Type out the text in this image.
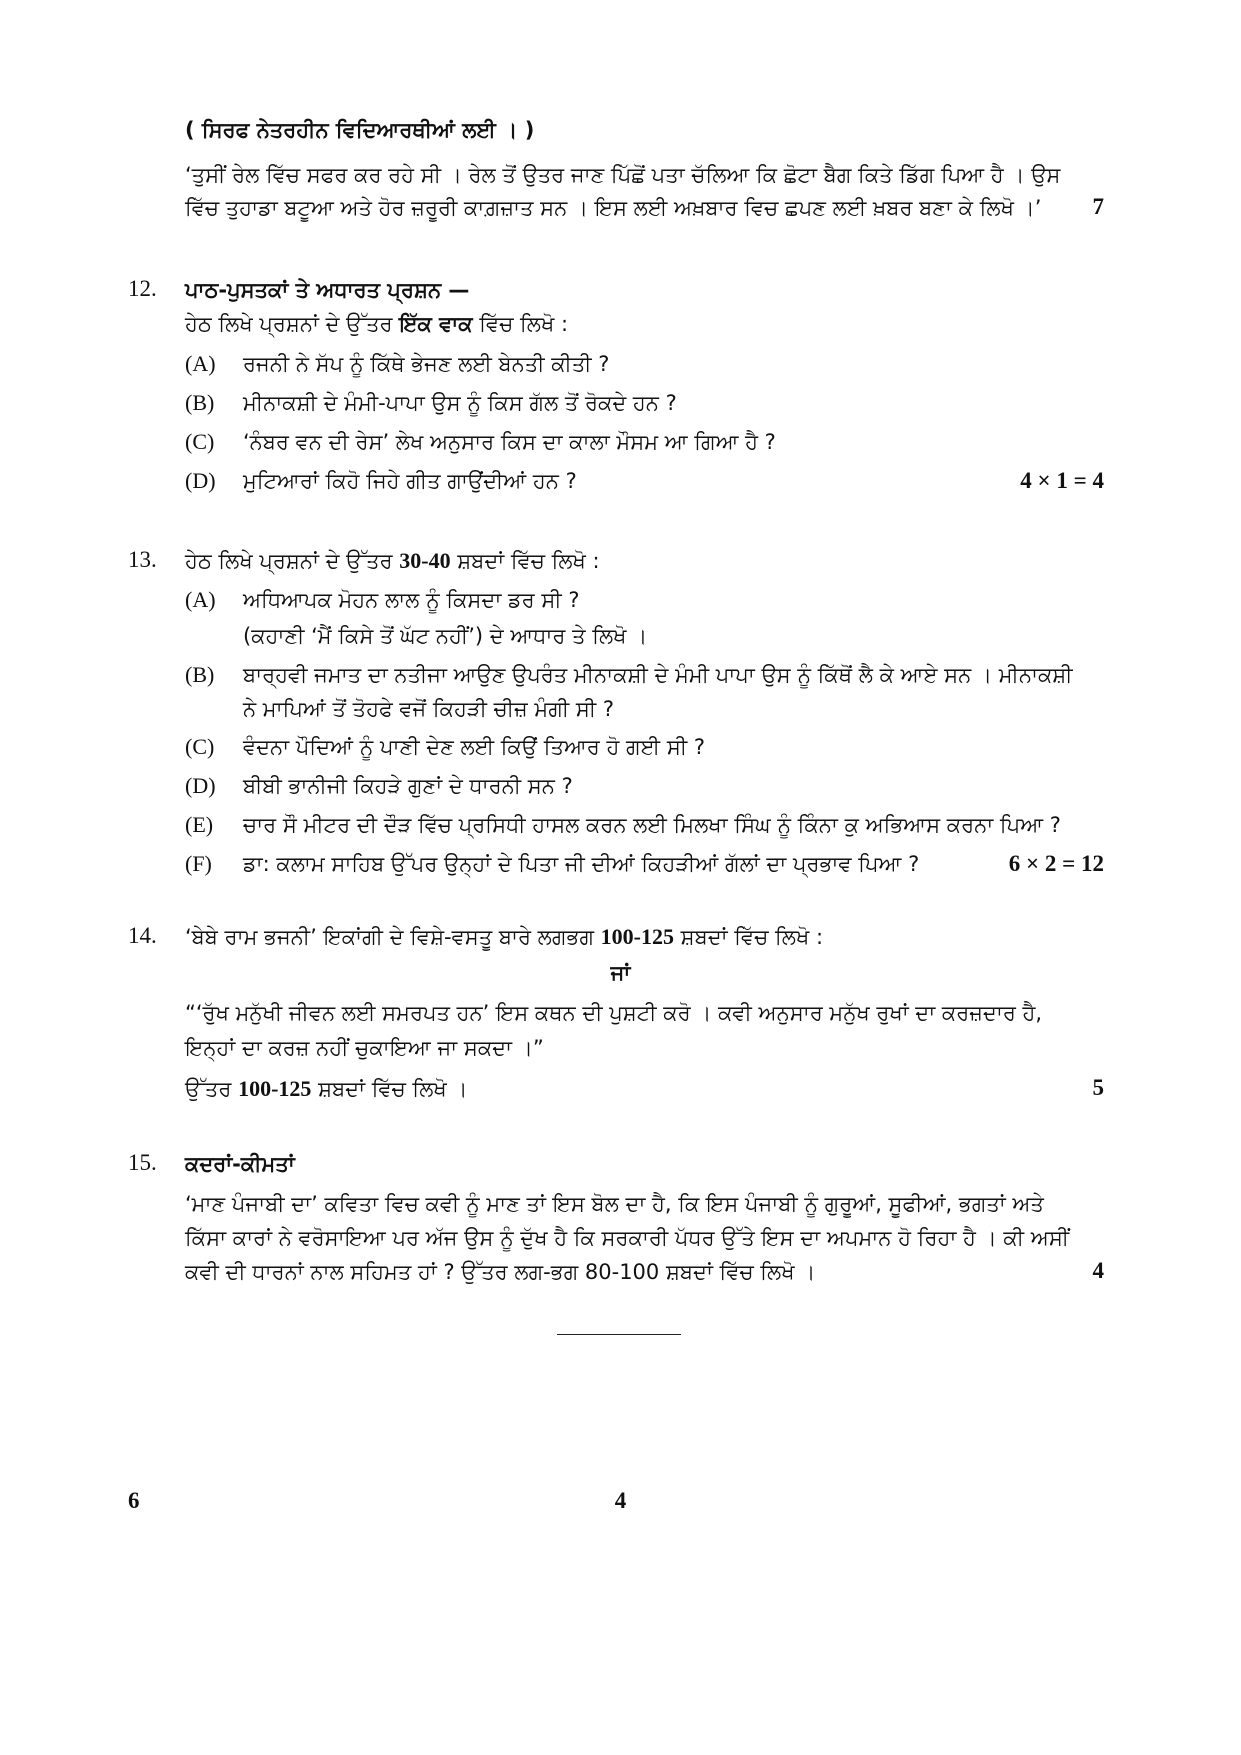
( ਸਿਰਫ ਨੇਤਰਹੀਨ ਵਿਦਿਆਰਥੀਆਂ ਲਈ । )
‘ਤੁਸੀਂ ਰੇਲ ਵਿੱਚ ਸਫਰ ਕਰ ਰਹੇ ਸੀ । ਰੇਲ ਤੋਂ ਉਤਰ ਜਾਣ ਪਿੱਛੋਂ ਪਤਾ ਚੱਲਿਆ ਕਿ ਛੋਟਾ ਬੈਗ ਕਿਤੇ ਡਿੱਗ ਪਿਆ ਹੈ । ਉਸ
ਵਿੱਚ ਤੁਹਾਡਾ ਬਟੂਆ ਅਤੇ ਹੋਰ ਜ਼ਰੂਰੀ ਕਾਗ਼ਜ਼ਾਤ ਸਨ । ਇਸ ਲਈ ਅਖ਼ਬਾਰ ਵਿਚ ਛਪਣ ਲਈ ਖ਼ਬਰ ਬਣਾ ਕੇ ਲਿਖੋ ।’ 7
12. ਪਾਠ-ਪੁਸਤਕਾਂ ਤੇ ਅਧਾਰਤ ਪ੍ਰਸ਼ਨ —
ਹੇਠ ਲਿਖੇ ਪ੍ਰਸ਼ਨਾਂ ਦੇ ਉੱਤਰ ਇੱਕ ਵਾਕ ਵਿੱਚ ਲਿਖੋ :
(A) ਰਜਨੀ ਨੇ ਸੱਪ ਨੂੰ ਕਿੱਥੇ ਭੇਜਣ ਲਈ ਬੇਨਤੀ ਕੀਤੀ ?
(B) ਮੀਨਾਕਸ਼ੀ ਦੇ ਮੰਮੀ-ਪਾਪਾ ਉਸ ਨੂੰ ਕਿਸ ਗੱਲ ਤੋਂ ਰੋਕਦੇ ਹਨ ?
(C) ‘ਨੰਬਰ ਵਨ ਦੀ ਰੇਸ’ ਲੇਖ ਅਨੁਸਾਰ ਕਿਸ ਦਾ ਕਾਲਾ ਮੌਸਮ ਆ ਗਿਆ ਹੈ ?
(D) ਮੁਟਿਆਰਾਂ ਕਿਹੋ ਜਿਹੇ ਗੀਤ ਗਾਉਂਦੀਆਂ ਹਨ ?	4 × 1 = 4
13. ਹੇਠ ਲਿਖੇ ਪ੍ਰਸ਼ਨਾਂ ਦੇ ਉੱਤਰ 30-40 ਸ਼ਬਦਾਂ ਵਿੱਚ ਲਿਖੋ :
(A) ਅਧਿਆਪਕ ਮੋਹਨ ਲਾਲ ਨੂੰ ਕਿਸਦਾ ਡਰ ਸੀ ?
(ਕਹਾਣੀ ‘ਮੈਂ ਕਿਸੇ ਤੋਂ ਘੱਟ ਨਹੀਂ’) ਦੇ ਆਧਾਰ ਤੇ ਲਿਖੋ ।
(B) ਬਾਰ੍ਹਵੀ ਜਮਾਤ ਦਾ ਨਤੀਜਾ ਆਉਣ ਉਪਰੰਤ ਮੀਨਾਕਸ਼ੀ ਦੇ ਮੰਮੀ ਪਾਪਾ ਉਸ ਨੂੰ ਕਿੱਥੋਂ ਲੈ ਕੇ ਆਏ ਸਨ । ਮੀਨਾਕਸ਼ੀ
ਨੇ ਮਾਪਿਆਂ ਤੋਂ ਤੋਹਫੇ ਵਜੋਂ ਕਿਹੜੀ ਚੀਜ਼ ਮੰਗੀ ਸੀ ?
(C) ਵੰਦਨਾ ਪੌਦਿਆਂ ਨੂੰ ਪਾਣੀ ਦੇਣ ਲਈ ਕਿਉਂ ਤਿਆਰ ਹੋ ਗਈ ਸੀ ?
(D) ਬੀਬੀ ਭਾਨੀਜੀ ਕਿਹੜੇ ਗੁਣਾਂ ਦੇ ਧਾਰਨੀ ਸਨ ?
(E) ਚਾਰ ਸੌ ਮੀਟਰ ਦੀ ਦੌੜ ਵਿੱਚ ਪ੍ਰਸਿਧੀ ਹਾਸਲ ਕਰਨ ਲਈ ਮਿਲਖਾ ਸਿੰਘ ਨੂੰ ਕਿੰਨਾ ਕੁ ਅਭਿਆਸ ਕਰਨਾ ਪਿਆ ?
(F) ਡਾ: ਕਲਾਮ ਸਾਹਿਬ ਉੱਪਰ ਉਨ੍ਹਾਂ ਦੇ ਪਿਤਾ ਜੀ ਦੀਆਂ ਕਿਹੜੀਆਂ ਗੱਲਾਂ ਦਾ ਪ੍ਰਭਾਵ ਪਿਆ ?	6 × 2 = 12
14. ‘ਬੇਬੇ ਰਾਮ ਭਜਨੀ’ ਇਕਾਂਗੀ ਦੇ ਵਿਸ਼ੇ-ਵਸਤੂ ਬਾਰੇ ਲਗਭਗ 100-125 ਸ਼ਬਦਾਂ ਵਿੱਚ ਲਿਖੋ :
ਜਾਂ
“‘ਰੁੱਖ ਮਨੁੱਖੀ ਜੀਵਨ ਲਈ ਸਮਰਪਤ ਹਨ’ ਇਸ ਕਥਨ ਦੀ ਪੁਸ਼ਟੀ ਕਰੋ । ਕਵੀ ਅਨੁਸਾਰ ਮਨੁੱਖ ਰੁਖਾਂ ਦਾ ਕਰਜ਼ਦਾਰ ਹੈ,
ਇਨ੍ਹਾਂ ਦਾ ਕਰਜ਼ ਨਹੀਂ ਚੁਕਾਇਆ ਜਾ ਸਕਦਾ ।”
ਉੱਤਰ 100-125 ਸ਼ਬਦਾਂ ਵਿੱਚ ਲਿਖੋ ।	5
15. ਕਦਰਾਂ-ਕੀਮਤਾਂ
‘ਮਾਣ ਪੰਜਾਬੀ ਦਾ’ ਕਵਿਤਾ ਵਿਚ ਕਵੀ ਨੂੰ ਮਾਣ ਤਾਂ ਇਸ ਬੋਲ ਦਾ ਹੈ, ਕਿ ਇਸ ਪੰਜਾਬੀ ਨੂੰ ਗੁਰੂਆਂ, ਸੂਫੀਆਂ, ਭਗਤਾਂ ਅਤੇ
ਕਿੱਸਾ ਕਾਰਾਂ ਨੇ ਵਰੋਸਾਇਆ ਪਰ ਅੱਜ ਉਸ ਨੂੰ ਦੁੱਖ ਹੈ ਕਿ ਸਰਕਾਰੀ ਪੱਧਰ ਉੱਤੇ ਇਸ ਦਾ ਅਪਮਾਨ ਹੋ ਰਿਹਾ ਹੈ । ਕੀ ਅਸੀਂ
ਕਵੀ ਦੀ ਧਾਰਨਾਂ ਨਾਲ ਸਹਿਮਤ ਹਾਂ ? ਉੱਤਰ ਲਗ-ਭਗ 80-100 ਸ਼ਬਦਾਂ ਵਿੱਚ ਲਿਖੋ ।	4
6	4
